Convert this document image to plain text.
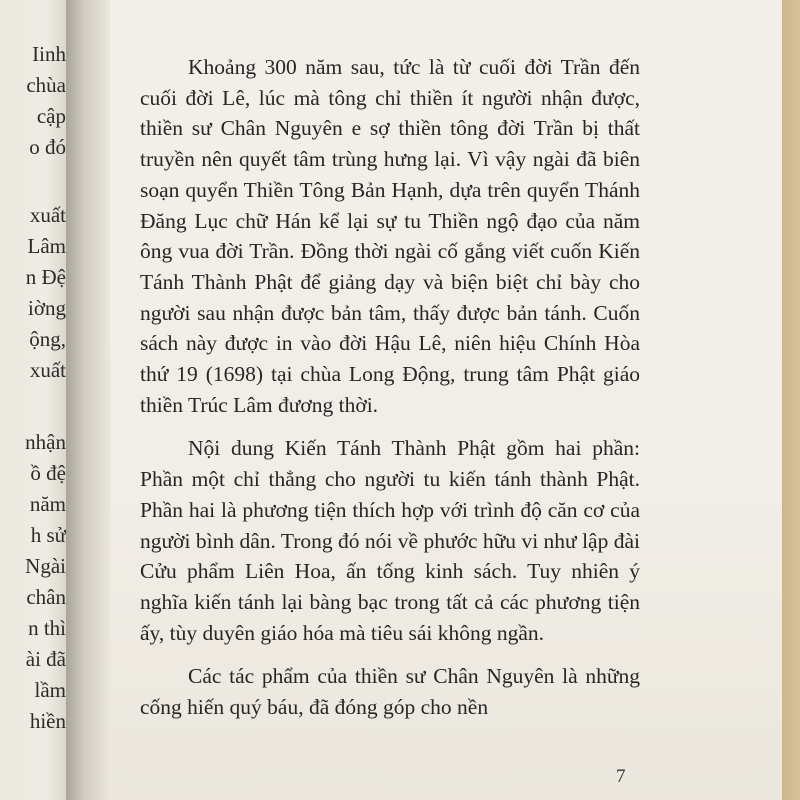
Iinh
chùa
cập
o đó
xuất
Lâm
n Đệ
iờng
ộng,
xuất
nhận
ồ đệ
năm
h sử
Ngài
chân
n thì
ài đã
lầm
hiền

Khoảng 300 năm sau, tức là từ cuối đời Trần đến cuối đời Lê, lúc mà tông chỉ thiền ít người nhận được, thiền sư Chân Nguyên e sợ thiền tông đời Trần bị thất truyền nên quyết tâm trùng hưng lại. Vì vậy ngài đã biên soạn quyển Thiền Tông Bản Hạnh, dựa trên quyển Thánh Đăng Lục chữ Hán kể lại sự tu Thiền ngộ đạo của năm ông vua đời Trần. Đồng thời ngài cố gắng viết cuốn Kiến Tánh Thành Phật để giảng dạy và biện biệt chỉ bày cho người sau nhận được bản tâm, thấy được bản tánh. Cuốn sách này được in vào đời Hậu Lê, niên hiệu Chính Hòa thứ 19 (1698) tại chùa Long Động, trung tâm Phật giáo thiền Trúc Lâm đương thời.

Nội dung Kiến Tánh Thành Phật gồm hai phần: Phần một chỉ thẳng cho người tu kiến tánh thành Phật. Phần hai là phương tiện thích hợp với trình độ căn cơ của người bình dân. Trong đó nói về phước hữu vi như lập đài Cửu phẩm Liên Hoa, ấn tống kinh sách. Tuy nhiên ý nghĩa kiến tánh lại bàng bạc trong tất cả các phương tiện ấy, tùy duyên giáo hóa mà tiêu sái không ngần.

Các tác phẩm của thiền sư Chân Nguyên là những cống hiến quý báu, đã đóng góp cho nền

7
